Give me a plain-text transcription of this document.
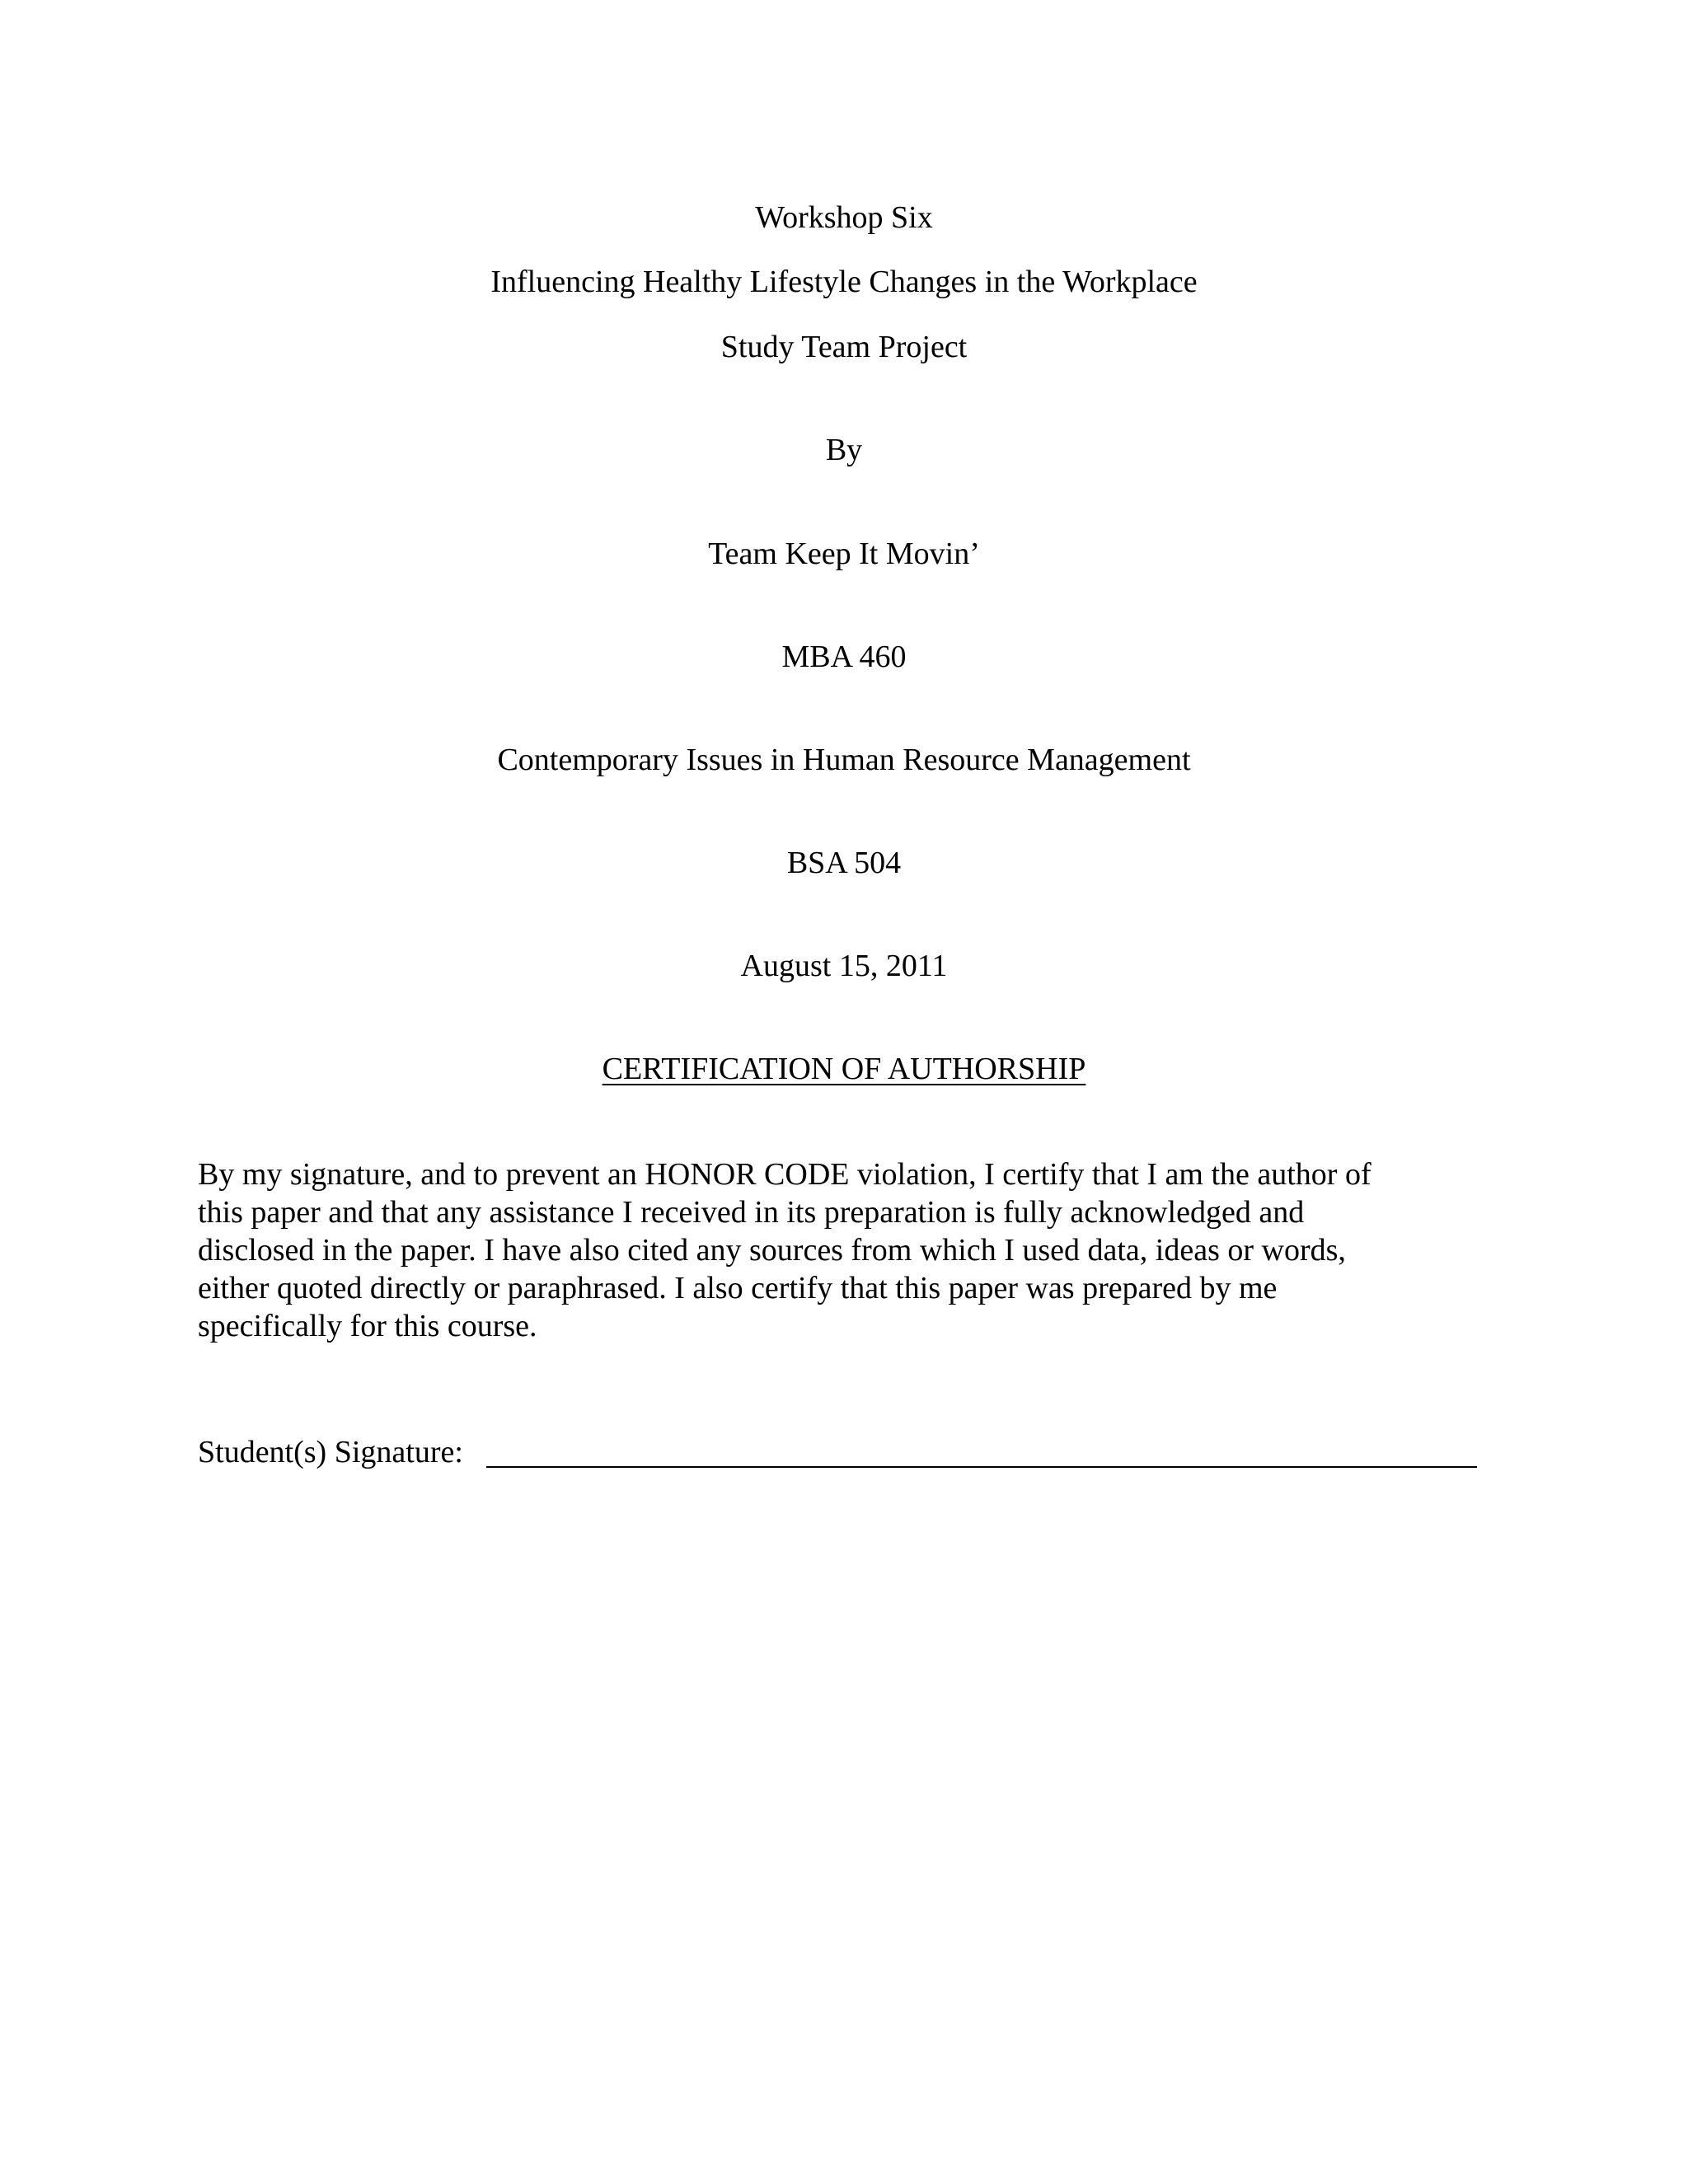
Workshop Six
Influencing Healthy Lifestyle Changes in the Workplace
Study Team Project
By
Team Keep It Movin’
MBA 460
Contemporary Issues in Human Resource Management
BSA 504
August 15, 2011
CERTIFICATION OF AUTHORSHIP
By my signature, and to prevent an HONOR CODE violation, I certify that I am the author of
this paper and that any assistance I received in its preparation is fully acknowledged and
disclosed in the paper. I have also cited any sources from which I used data, ideas or words,
either quoted directly or paraphrased. I also certify that this paper was prepared by me
specifically for this course.
Student(s) Signature:
